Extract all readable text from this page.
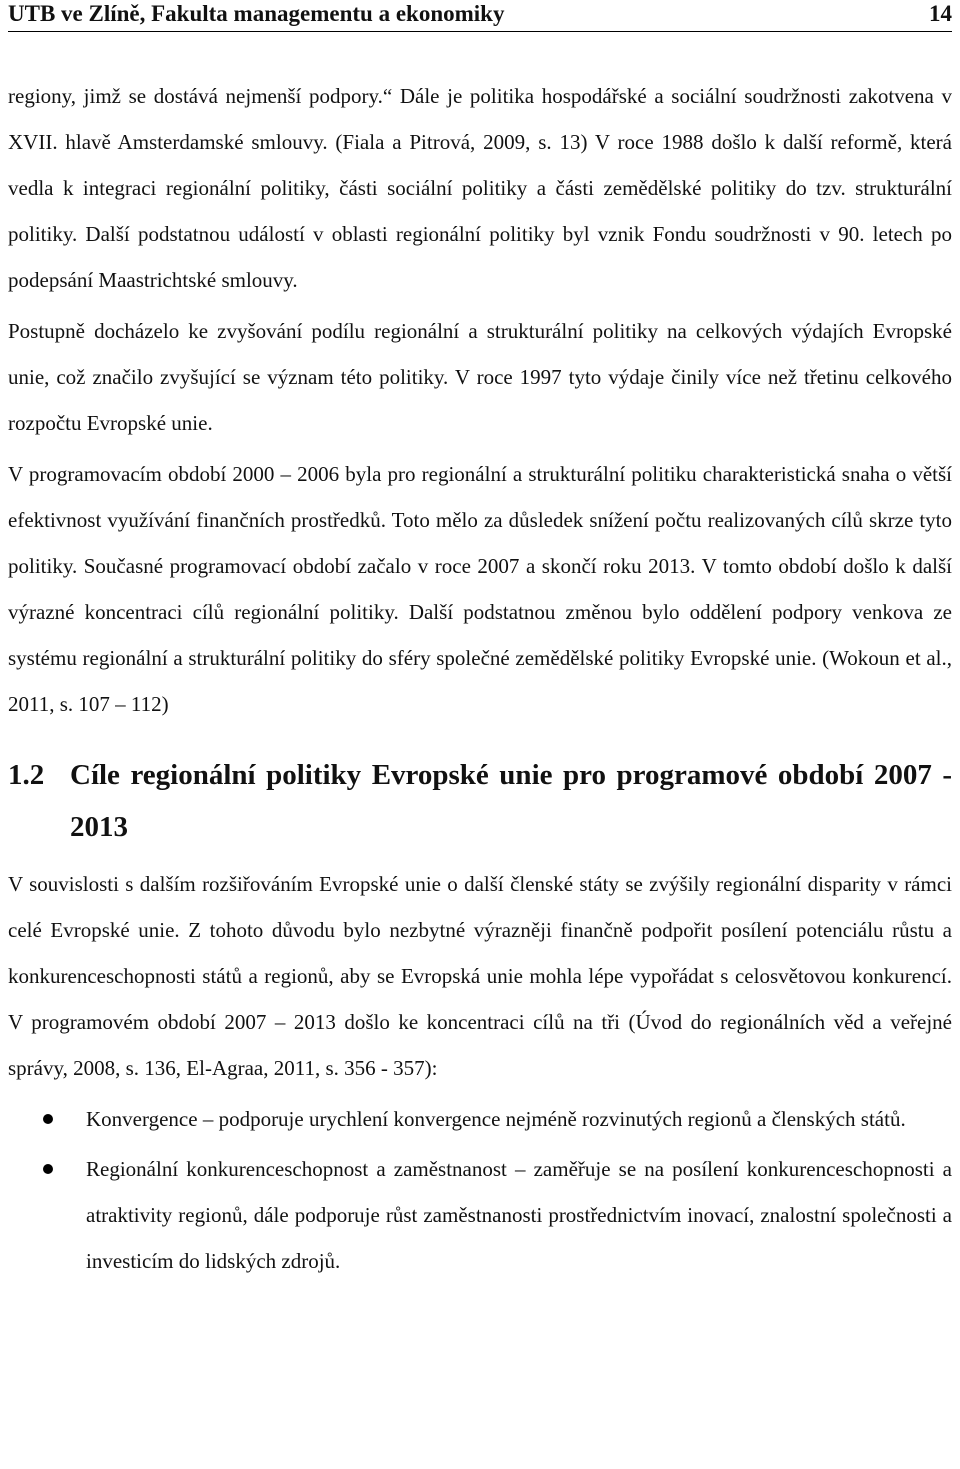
UTB ve Zlíně, Fakulta managementu a ekonomiky	14

regiony, jimž se dostává nejmenší podpory.“ Dále je politika hospodářské a sociální soudržnosti zakotvena v XVII. hlavě Amsterdamské smlouvy. (Fiala a Pitrová, 2009, s. 13) V roce 1988 došlo k další reformě, která vedla k integraci regionální politiky, části sociální politiky a části zemědělské politiky do tzv. strukturální politiky. Další podstatnou událostí v oblasti regionální politiky byl vznik Fondu soudržnosti v 90. letech po podepsání Maastrichtské smlouvy.

Postupně docházelo ke zvyšování podílu regionální a strukturální politiky na celkových výdajích Evropské unie, což značilo zvyšující se význam této politiky. V roce 1997 tyto výdaje činily více než třetinu celkového rozpočtu Evropské unie.

V programovacím období 2000 – 2006 byla pro regionální a strukturální politiku charakteristická snaha o větší efektivnost využívání finančních prostředků. Toto mělo za důsledek snížení počtu realizovaných cílů skrze tyto politiky. Současné programovací období začalo v roce 2007 a skončí roku 2013. V tomto období došlo k další výrazné koncentraci cílů regionální politiky. Další podstatnou změnou bylo oddělení podpory venkova ze systému regionální a strukturální politiky do sféry společné zemědělské politiky Evropské unie. (Wokoun et al., 2011, s. 107 – 112)

1.2 Cíle regionální politiky Evropské unie pro programové období 2007 - 2013

V souvislosti s dalším rozšiřováním Evropské unie o další členské státy se zvýšily regionální disparity v rámci celé Evropské unie. Z tohoto důvodu bylo nezbytné výrazněji finančně podpořit posílení potenciálu růstu a konkurenceschopnosti států a regionů, aby se Evropská unie mohla lépe vypořádat s celosvětovou konkurencí. V programovém období 2007 – 2013 došlo ke koncentraci cílů na tři (Úvod do regionálních věd a veřejné správy, 2008, s. 136, El-Agraa, 2011, s. 356 - 357):

Konvergence – podporuje urychlení konvergence nejméně rozvinutých regionů a členských států.
Regionální konkurenceschopnost a zaměstnanost – zaměřuje se na posílení konkurenceschopnosti a atraktivity regionů, dále podporuje růst zaměstnanosti prostřednictvím inovací, znalostní společnosti a investicím do lidských zdrojů.
